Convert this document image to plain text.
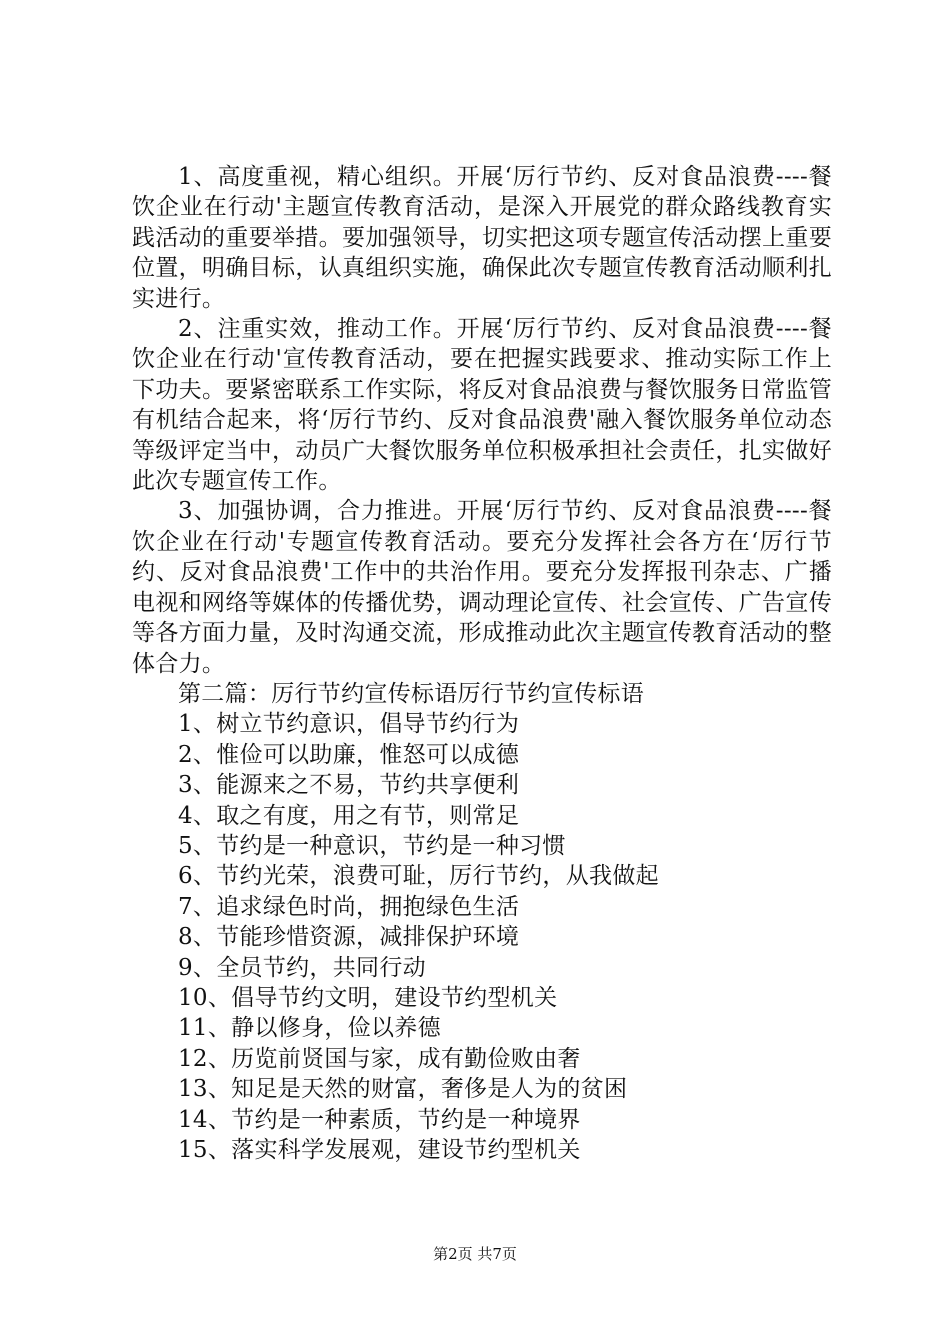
1、高度重视，精心组织。开展‘厉行节约、反对食品浪费----餐饮企业在行动'主题宣传教育活动，是深入开展党的群众路线教育实践活动的重要举措。要加强领导，切实把这项专题宣传活动摆上重要位置，明确目标，认真组织实施，确保此次专题宣传教育活动顺利扎实进行。

2、注重实效，推动工作。开展‘厉行节约、反对食品浪费----餐饮企业在行动'宣传教育活动，要在把握实践要求、推动实际工作上下功夫。要紧密联系工作实际，将反对食品浪费与餐饮服务日常监管有机结合起来，将‘厉行节约、反对食品浪费'融入餐饮服务单位动态等级评定当中，动员广大餐饮服务单位积极承担社会责任，扎实做好此次专题宣传工作。

3、加强协调，合力推进。开展‘厉行节约、反对食品浪费----餐饮企业在行动'专题宣传教育活动。要充分发挥社会各方在‘厉行节约、反对食品浪费'工作中的共治作用。要充分发挥报刊杂志、广播电视和网络等媒体的传播优势，调动理论宣传、社会宣传、广告宣传等各方面力量，及时沟通交流，形成推动此次主题宣传教育活动的整体合力。

第二篇：厉行节约宣传标语厉行节约宣传标语

1、树立节约意识，倡导节约行为

2、惟俭可以助廉，惟怒可以成德

3、能源来之不易，节约共享便利

4、取之有度，用之有节，则常足

5、节约是一种意识，节约是一种习惯

6、节约光荣，浪费可耻，厉行节约，从我做起

7、追求绿色时尚，拥抱绿色生活

8、节能珍惜资源，减排保护环境

9、全员节约，共同行动

10、倡导节约文明，建设节约型机关

11、静以修身，俭以养德

12、历览前贤国与家，成有勤俭败由奢

13、知足是天然的财富，奢侈是人为的贫困

14、节约是一种素质，节约是一种境界

15、落实科学发展观，建设节约型机关

第2页 共7页
